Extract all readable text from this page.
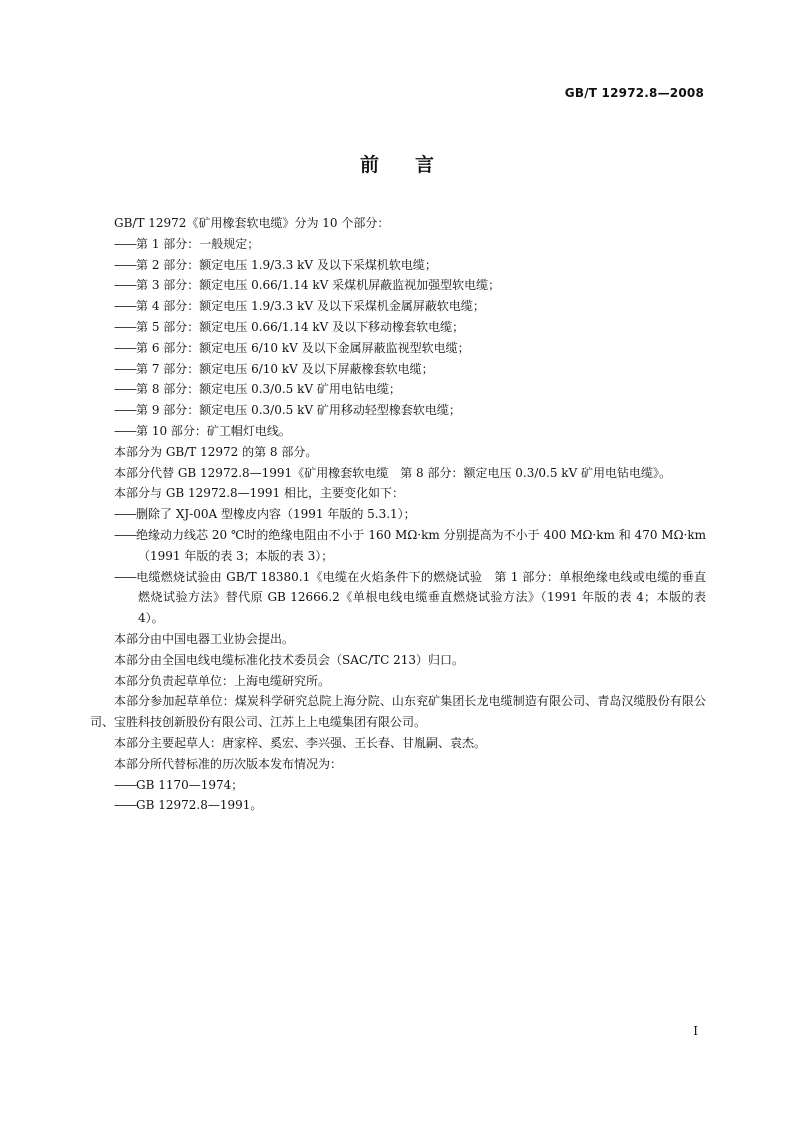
GB/T 12972.8—2008
前言

GB/T 12972《矿用橡套软电缆》分为 10 个部分：

——第 1 部分：一般规定；

——第 2 部分：额定电压 1.9/3.3 kV 及以下采煤机软电缆；

——第 3 部分：额定电压 0.66/1.14 kV 采煤机屏蔽监视加强型软电缆；

——第 4 部分：额定电压 1.9/3.3 kV 及以下采煤机金属屏蔽软电缆；

——第 5 部分：额定电压 0.66/1.14 kV 及以下移动橡套软电缆；

——第 6 部分：额定电压 6/10 kV 及以下金属屏蔽监视型软电缆；

——第 7 部分：额定电压 6/10 kV 及以下屏蔽橡套软电缆；

——第 8 部分：额定电压 0.3/0.5 kV 矿用电钻电缆；

——第 9 部分：额定电压 0.3/0.5 kV 矿用移动轻型橡套软电缆；

——第 10 部分：矿工帽灯电线。

本部分为 GB/T 12972 的第 8 部分。

本部分代替 GB 12972.8—1991《矿用橡套软电缆　第 8 部分：额定电压 0.3/0.5 kV 矿用电钻电缆》。

本部分与 GB 12972.8—1991 相比，主要变化如下：

——删除了 XJ-00A 型橡皮内容（1991 年版的 5.3.1）；

——绝缘动力线芯 20 ℃时的绝缘电阻由不小于 160 MΩ·km 分别提高为不小于 400 MΩ·km 和 470 MΩ·km（1991 年版的表 3；本版的表 3）；

——电缆燃烧试验由 GB/T 18380.1《电缆在火焰条件下的燃烧试验　第 1 部分：单根绝缘电线或电缆的垂直燃烧试验方法》替代原 GB 12666.2《单根电线电缆垂直燃烧试验方法》（1991 年版的表 4；本版的表 4）。

本部分由中国电器工业协会提出。

本部分由全国电线电缆标准化技术委员会（SAC/TC 213）归口。

本部分负责起草单位：上海电缆研究所。

本部分参加起草单位：煤炭科学研究总院上海分院、山东兖矿集团长龙电缆制造有限公司、青岛汉缆股份有限公司、宝胜科技创新股份有限公司、江苏上上电缆集团有限公司。

本部分主要起草人：唐家梓、奚宏、李兴强、王长春、甘胤嗣、袁杰。

本部分所代替标准的历次版本发布情况为：

——GB 1170—1974；

——GB 12972.8—1991。

I
